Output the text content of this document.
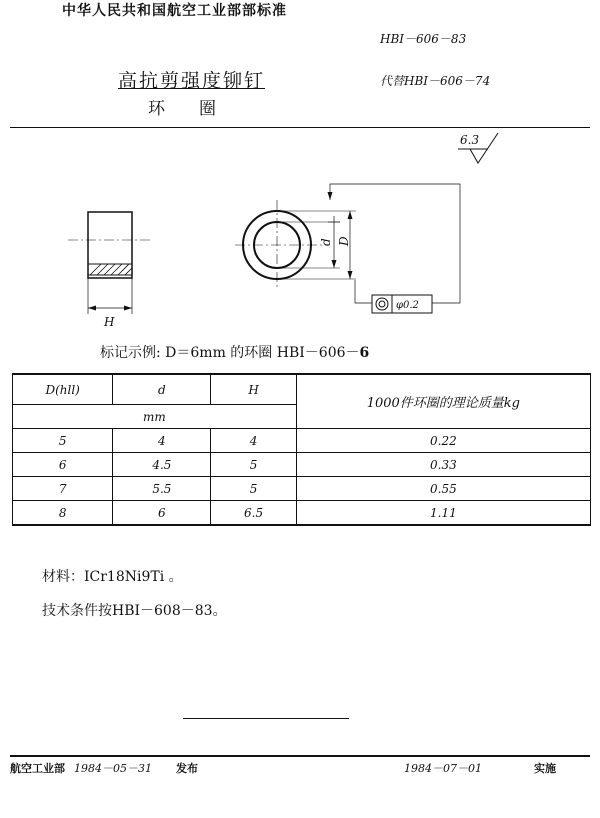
中华人民共和国航空工业部部标准
HBI－606－83
高抗剪强度铆钉
环圈
代替HBI－606－74
6.3
H
d D
φ0.2
标记示例: D＝6mm 的环圈 HBI－606－6
D(hll)	d	H	1000件环圈的理论质量kg
mm			
5	4	4	0.22
6	4.5	5	0.33
7	5.5	5	0.55
8	6	6.5	1.11
材料：ICr18Ni9Ti 。
技术条件按HBI－608－83。
航空工业部 1984－05－31 发布	1984－07－01	实施
